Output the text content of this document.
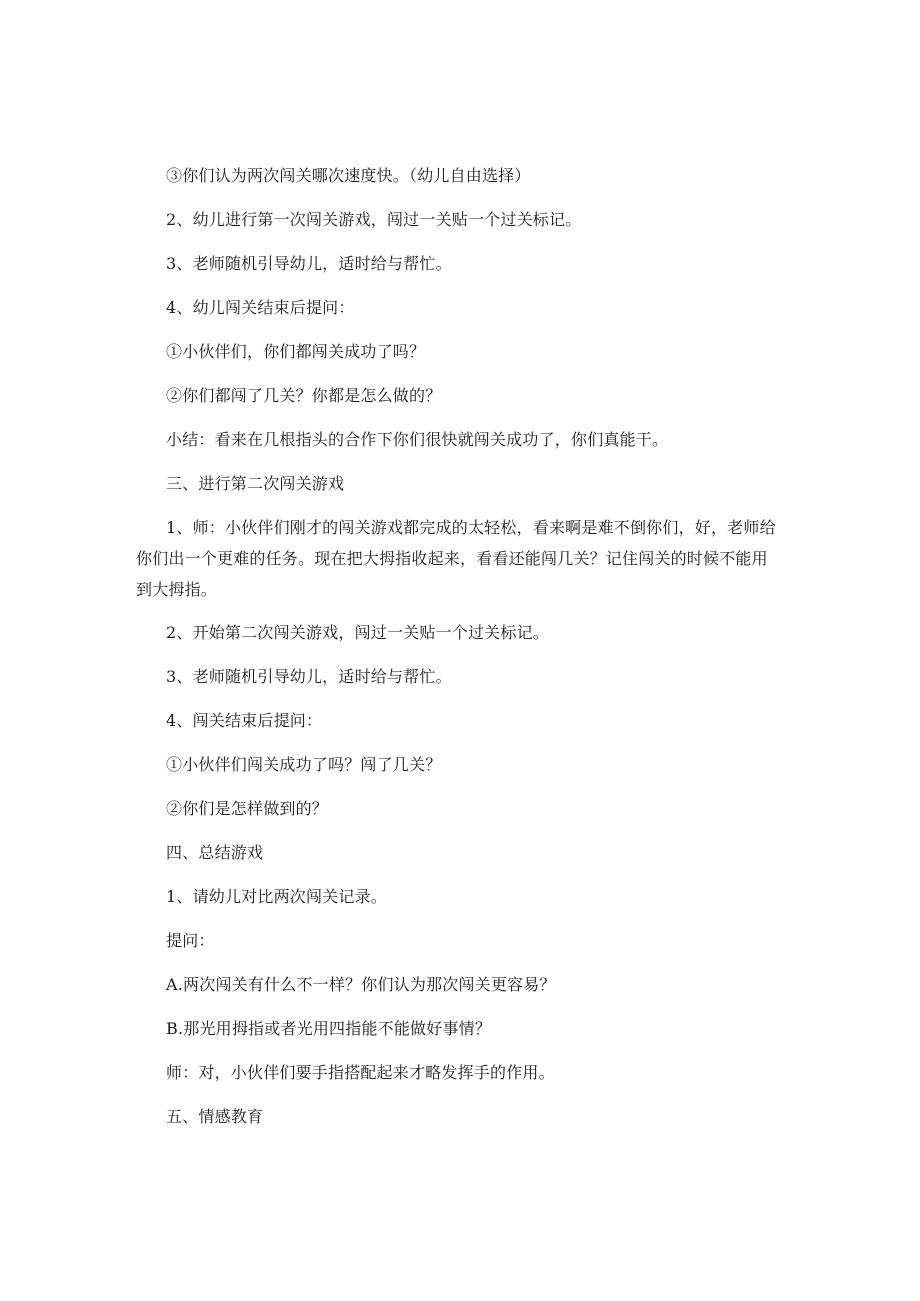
③你们认为两次闯关哪次速度快。（幼儿自由选择）

2、幼儿进行第一次闯关游戏，闯过一关贴一个过关标记。

3、老师随机引导幼儿，适时给与帮忙。

4、幼儿闯关结束后提问：

①小伙伴们，你们都闯关成功了吗？

②你们都闯了几关？你都是怎么做的？

小结：看来在几根指头的合作下你们很快就闯关成功了，你们真能干。

三、进行第二次闯关游戏

1、师：小伙伴们刚才的闯关游戏都完成的太轻松，看来啊是难不倒你们，好，老师给你们出一个更难的任务。现在把大拇指收起来，看看还能闯几关？记住闯关的时候不能用到大拇指。

2、开始第二次闯关游戏，闯过一关贴一个过关标记。

3、老师随机引导幼儿，适时给与帮忙。

4、闯关结束后提问：

①小伙伴们闯关成功了吗？闯了几关？

②你们是怎样做到的？

四、总结游戏

1、请幼儿对比两次闯关记录。

提问：

A.两次闯关有什么不一样？你们认为那次闯关更容易？

B.那光用拇指或者光用四指能不能做好事情？

师：对，小伙伴们要手指搭配起来才略发挥手的作用。

五、情感教育
